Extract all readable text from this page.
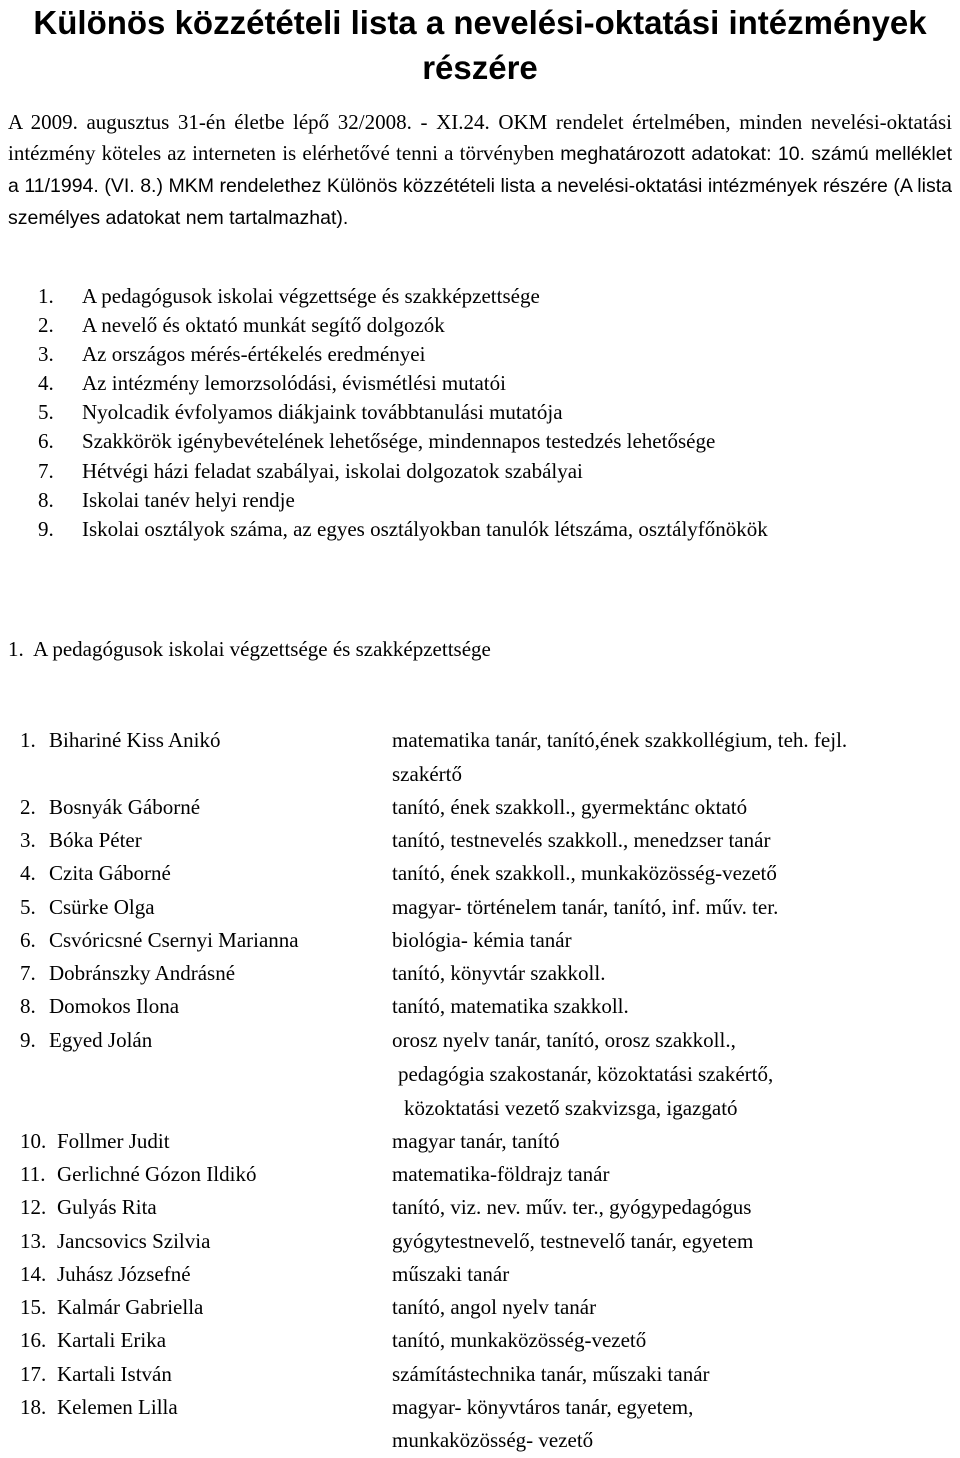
Különös közzétételi lista a nevelési-oktatási intézmények részére

A 2009. augusztus 31-én életbe lépő 32/2008. - XI.24. OKM rendelet értelmében, minden nevelési-oktatási intézmény köteles az interneten is elérhetővé tenni a törvényben meghatározott adatokat: 10. számú melléklet a 11/1994. (VI. 8.) MKM rendelethez Különös közzétételi lista a nevelési-oktatási intézmények részére (A lista személyes adatokat nem tartalmazhat).

1. A pedagógusok iskolai végzettsége és szakképzettsége
2. A nevelő és oktató munkát segítő dolgozók
3. Az országos mérés-értékelés eredményei
4. Az intézmény lemorzsolódási, évismétlési mutatói
5. Nyolcadik évfolyamos diákjaink továbbtanulási mutatója
6. Szakkörök igénybevételének lehetősége, mindennapos testedzés lehetősége
7. Hétvégi házi feladat szabályai, iskolai dolgozatok szabályai
8. Iskolai tanév helyi rendje
9. Iskolai osztályok száma, az egyes osztályokban tanulók létszáma, osztályfőnökök
1.  A pedagógusok iskolai végzettsége és szakképzettsége
1. Bihariné Kiss Anikó	matematika tanár, tanító,ének szakkollégium, teh. fejl.
szakértő
2. Bosnyák Gáborné	tanító, ének szakkoll., gyermektánc oktató
3. Bóka Péter	tanító, testnevelés szakkoll., menedzser tanár
4. Czita Gáborné	tanító, ének szakkoll., munkaközösség-vezető
5. Csürke Olga	magyar- történelem tanár, tanító, inf. műv. ter.
6. Csvóricsné Csernyi Marianna	biológia- kémia tanár
7. Dobránszky Andrásné	tanító, könyvtár szakkoll.
8. Domokos Ilona	tanító, matematika szakkoll.
9. Egyed Jolán	orosz nyelv tanár, tanító, orosz szakkoll.,
pedagógia szakostanár, közoktatási szakértő,
közoktatási vezető szakvizsga, igazgató
10. Follmer Judit	magyar tanár, tanító
11. Gerlichné Gózon Ildikó	matematika-földrajz tanár
12. Gulyás Rita	tanító, viz. nev. műv. ter., gyógypedagógus
13. Jancsovics Szilvia	gyógytestnevelő, testnevelő tanár, egyetem
14. Juhász Józsefné	műszaki tanár
15. Kalmár Gabriella	tanító, angol nyelv tanár
16. Kartali Erika	tanító, munkaközösség-vezető
17. Kartali István	számítástechnika tanár, műszaki tanár
18. Kelemen Lilla	magyar- könyvtáros tanár, egyetem,
munkaközösség- vezető
